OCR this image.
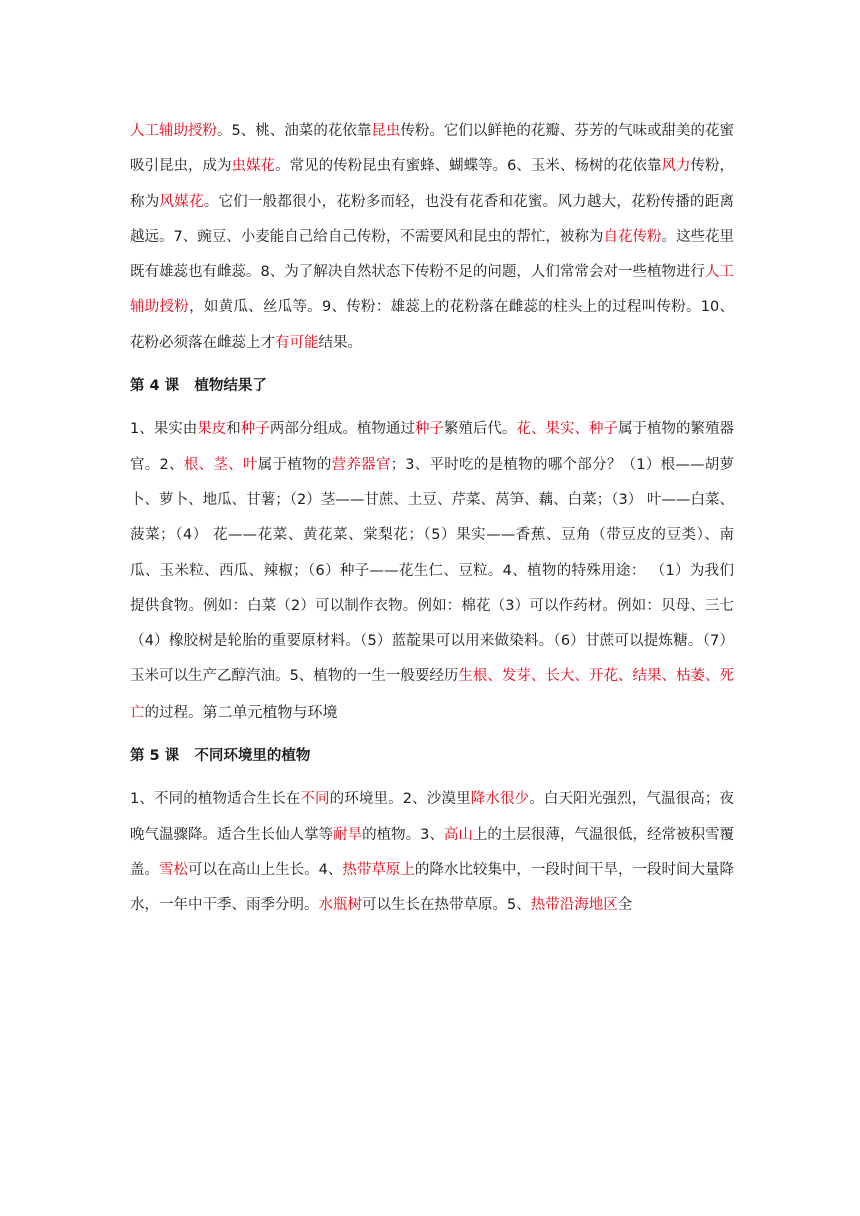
人工辅助授粉。5、桃、油菜的花依靠昆虫传粉。它们以鲜艳的花瓣、芬芳的气味或甜美的花蜜吸引昆虫，成为虫媒花。常见的传粉昆虫有蜜蜂、蝴蝶等。6、玉米、杨树的花依靠风力传粉，称为风媒花。它们一般都很小，花粉多而轻，也没有花香和花蜜。风力越大，花粉传播的距离越远。7、豌豆、小麦能自己给自己传粉，不需要风和昆虫的帮忙，被称为自花传粉。这些花里既有雄蕊也有雌蕊。8、为了解决自然状态下传粉不足的问题，人们常常会对一些植物进行人工辅助授粉，如黄瓜、丝瓜等。9、传粉：雄蕊上的花粉落在雌蕊的柱头上的过程叫传粉。10、花粉必须落在雌蕊上才有可能结果。

第 4 课   植物结果了

1、果实由果皮和种子两部分组成。植物通过种子繁殖后代。花、果实、种子属于植物的繁殖器官。2、根、茎、叶属于植物的营养器官；3、平时吃的是植物的哪个部分？（1）根——胡萝卜、萝卜、地瓜、甘薯；（2）茎——甘蔗、土豆、芹菜、莴笋、藕、白菜；（3） 叶——白菜、菠菜；（4） 花——花菜、黄花菜、棠梨花；（5）果实——香蕉、豆角（带豆皮的豆类）、南瓜、玉米粒、西瓜、辣椒；（6）种子——花生仁、豆粒。4、植物的特殊用途： （1）为我们提供食物。例如：白菜（2）可以制作衣物。例如：棉花（3）可以作药材。例如：贝母、三七（4）橡胶树是轮胎的重要原材料。（5）蓝靛果可以用来做染料。（6）甘蔗可以提炼糖。（7）玉米可以生产乙醇汽油。5、植物的一生一般要经历生根、发芽、长大、开花、结果、枯萎、死亡的过程。第二单元植物与环境

第 5 课   不同环境里的植物

1、不同的植物适合生长在不同的环境里。2、沙漠里降水很少。白天阳光强烈，气温很高；夜晚气温骤降。适合生长仙人掌等耐旱的植物。3、高山上的土层很薄，气温很低，经常被积雪覆盖。雪松可以在高山上生长。4、热带草原上的降水比较集中，一段时间干旱，一段时间大量降水，一年中干季、雨季分明。水瓶树可以生长在热带草原。5、热带沿海地区全
